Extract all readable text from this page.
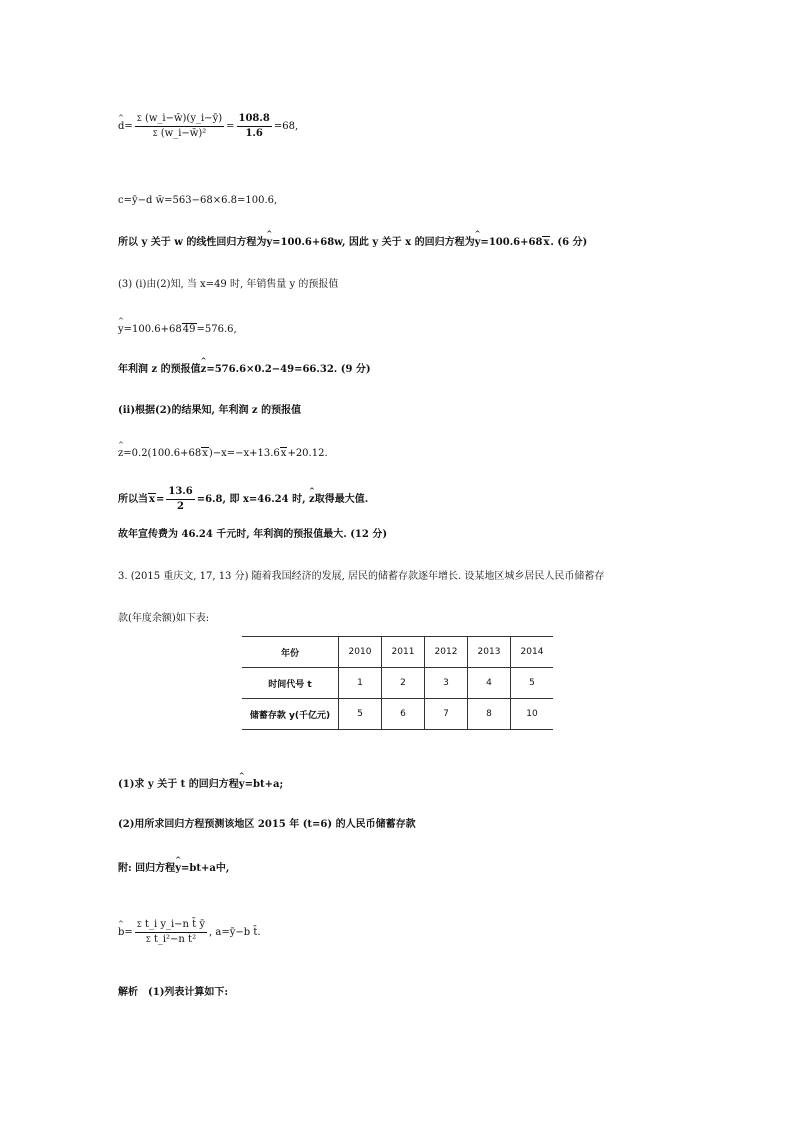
^ $d= \frac{\Sigma (w\_i-w̄)(y\_i-ȳ)}{\text{Σ (w\_i−w̄)²}} = \frac{108.8}{1.6} =68$,
c=ȳ−d w̄=563−68×6.8=100.6,
所以 y 关于 w 的线性回归方程为^ y=100.6+68w, 因此 y 关于 x 的回归方程为^ y=100.6+68x. (6 分)
(3) (i)由(2)知, 当 x=49 时, 年销售量 y 的预报值
^ y=100.6+6849=576.6,
年利润 z 的预报值^ z=576.6×0.2−49=66.32. (9 分)
(ii)根据(2)的结果知, 年利润 z 的预报值
^ z=0.2(100.6+68x)−x=−x+13.6x+20.12.
所以当$x= \frac{13.6}{2} =6.8$, 即 x=46.24 时, ^ z取得最大值.
故年宣传费为 46.24 千元时, 年利润的预报值最大. (12 分)
3. (2015 重庆文, 17, 13 分) 随着我国经济的发展, 居民的储蓄存款逐年增长. 设某地区城乡居民人民币储蓄存
款(年度余额)如下表:
年份	2010	2011	2012	2013	2014
时间代号 t	1	2	3	4	5
储蓄存款 y(千亿元)	5	6	7	8	10
(1)求 y 关于 t 的回归方程^ y=bt+a;
(2)用所求回归方程预测该地区 2015 年 (t=6) 的人民币储蓄存款
附: 回归方程^ y=bt+a中,
^ $b= \frac{\text{Σ t\_i y\_i−n t̄ ȳ}}{\text{Σ t\_i²−n t̄²}}$ , a=ȳ−b t̄.
解析　(1)列表计算如下:
